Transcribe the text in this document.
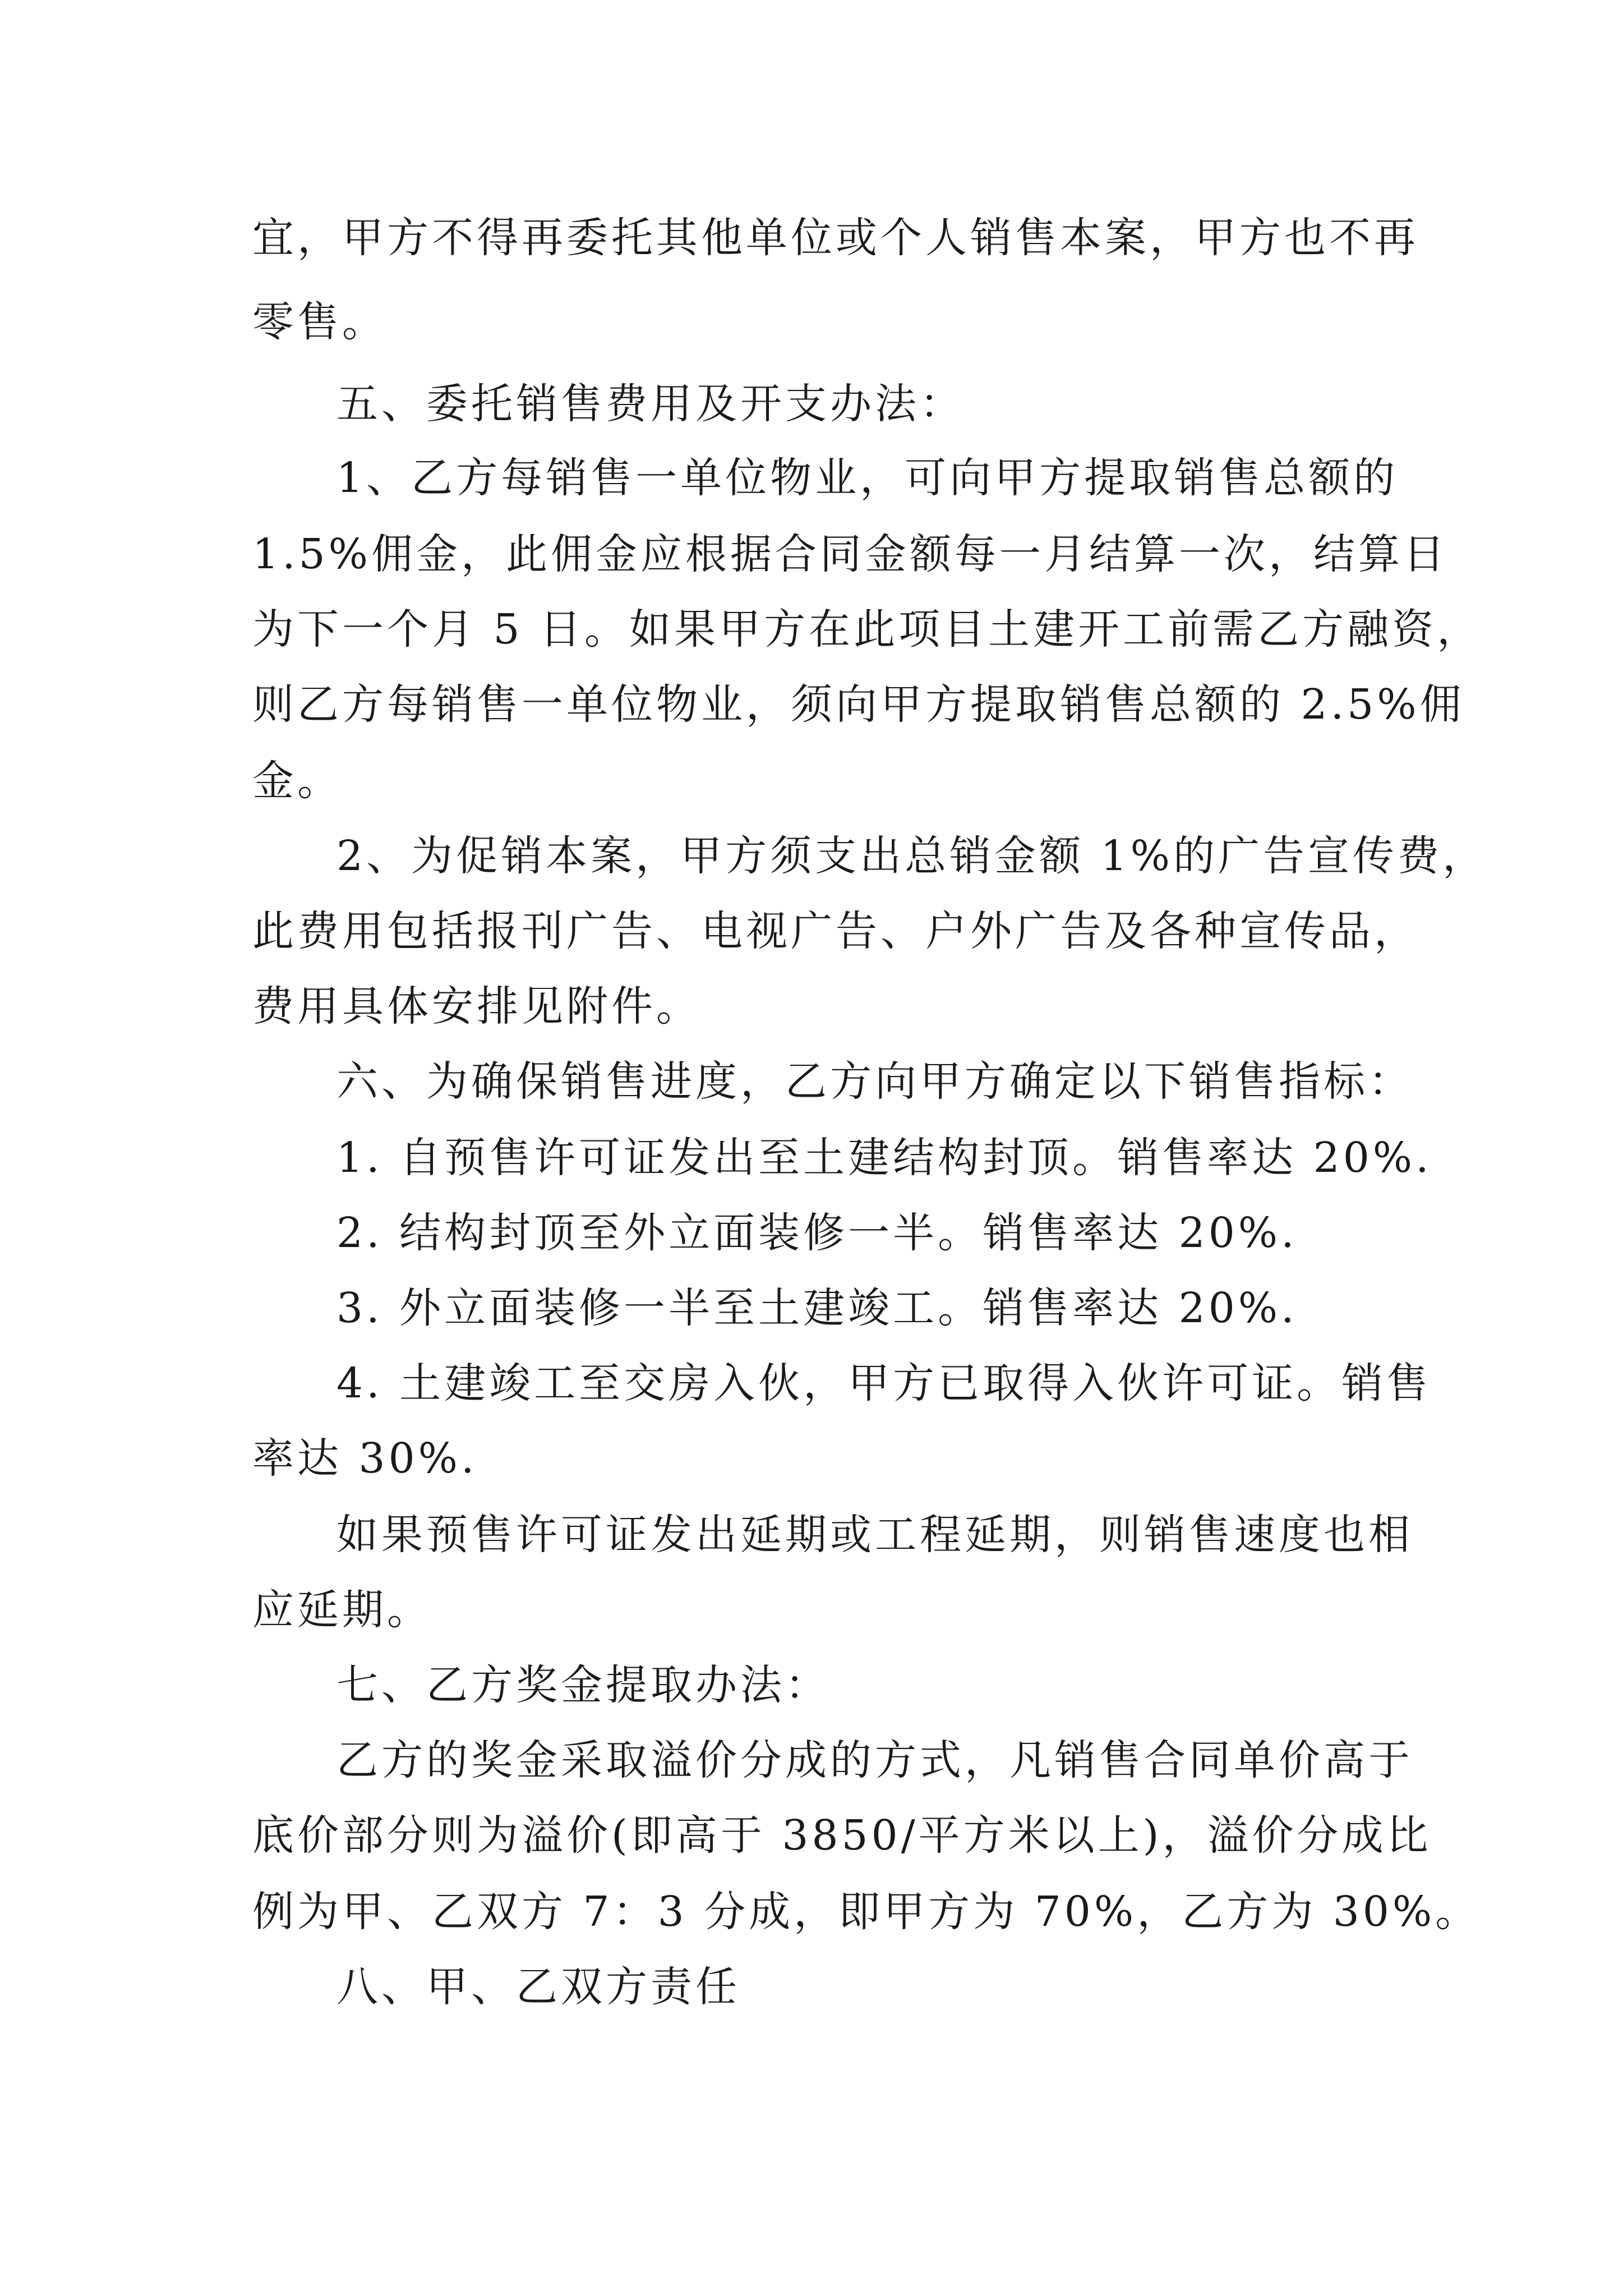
宜，甲方不得再委托其他单位或个人销售本案，甲方也不再
零售。
五、委托销售费用及开支办法：
1、乙方每销售一单位物业，可向甲方提取销售总额的
1.5%佣金，此佣金应根据合同金额每一月结算一次，结算日
为下一个月 5 日。如果甲方在此项目土建开工前需乙方融资，
则乙方每销售一单位物业，须向甲方提取销售总额的 2.5%佣
金。
2、为促销本案，甲方须支出总销金额 1%的广告宣传费，
此费用包括报刊广告、电视广告、户外广告及各种宣传品，
费用具体安排见附件。
六、为确保销售进度，乙方向甲方确定以下销售指标：
1. 自预售许可证发出至土建结构封顶。销售率达 20%.
2. 结构封顶至外立面装修一半。销售率达 20%.
3. 外立面装修一半至土建竣工。销售率达 20%.
4. 土建竣工至交房入伙，甲方已取得入伙许可证。销售
率达 30%.
如果预售许可证发出延期或工程延期，则销售速度也相
应延期。
七、乙方奖金提取办法：
乙方的奖金采取溢价分成的方式，凡销售合同单价高于
底价部分则为溢价(即高于 3850/平方米以上)，溢价分成比
例为甲、乙双方 7：3 分成，即甲方为 70%，乙方为 30%。
八、甲、乙双方责任
